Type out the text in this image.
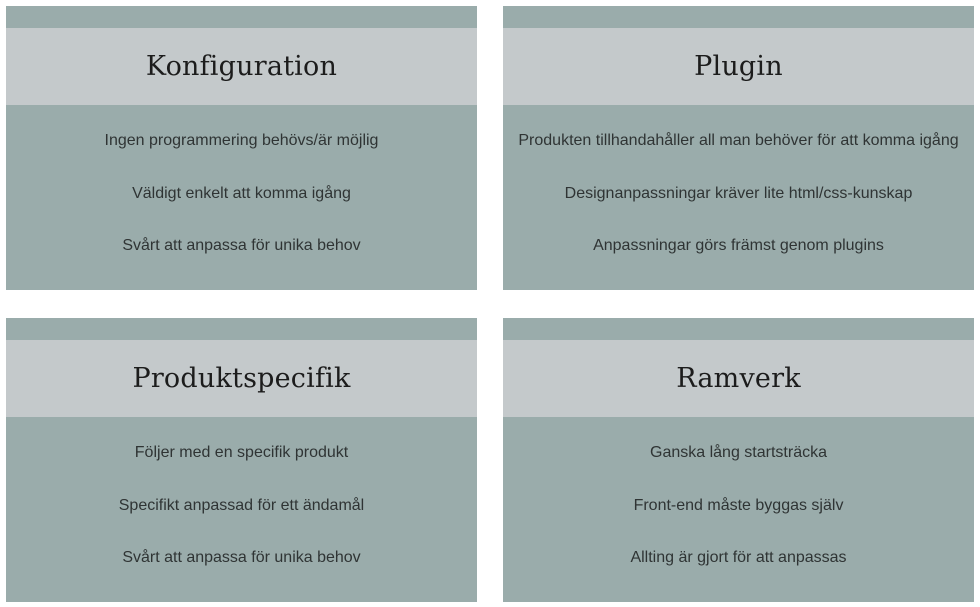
Konfiguration
Ingen programmering behövs/är möjlig
Väldigt enkelt att komma igång
Svårt att anpassa för unika behov
Plugin
Produkten tillhandahåller all man behöver för att komma igång
Designanpassningar kräver lite html/css-kunskap
Anpassningar görs främst genom plugins
Produktspecifik
Följer med en specifik produkt
Specifikt anpassad för ett ändamål
Svårt att anpassa för unika behov
Ramverk
Ganska lång startsträcka
Front-end måste byggas själv
Allting är gjort för att anpassas
